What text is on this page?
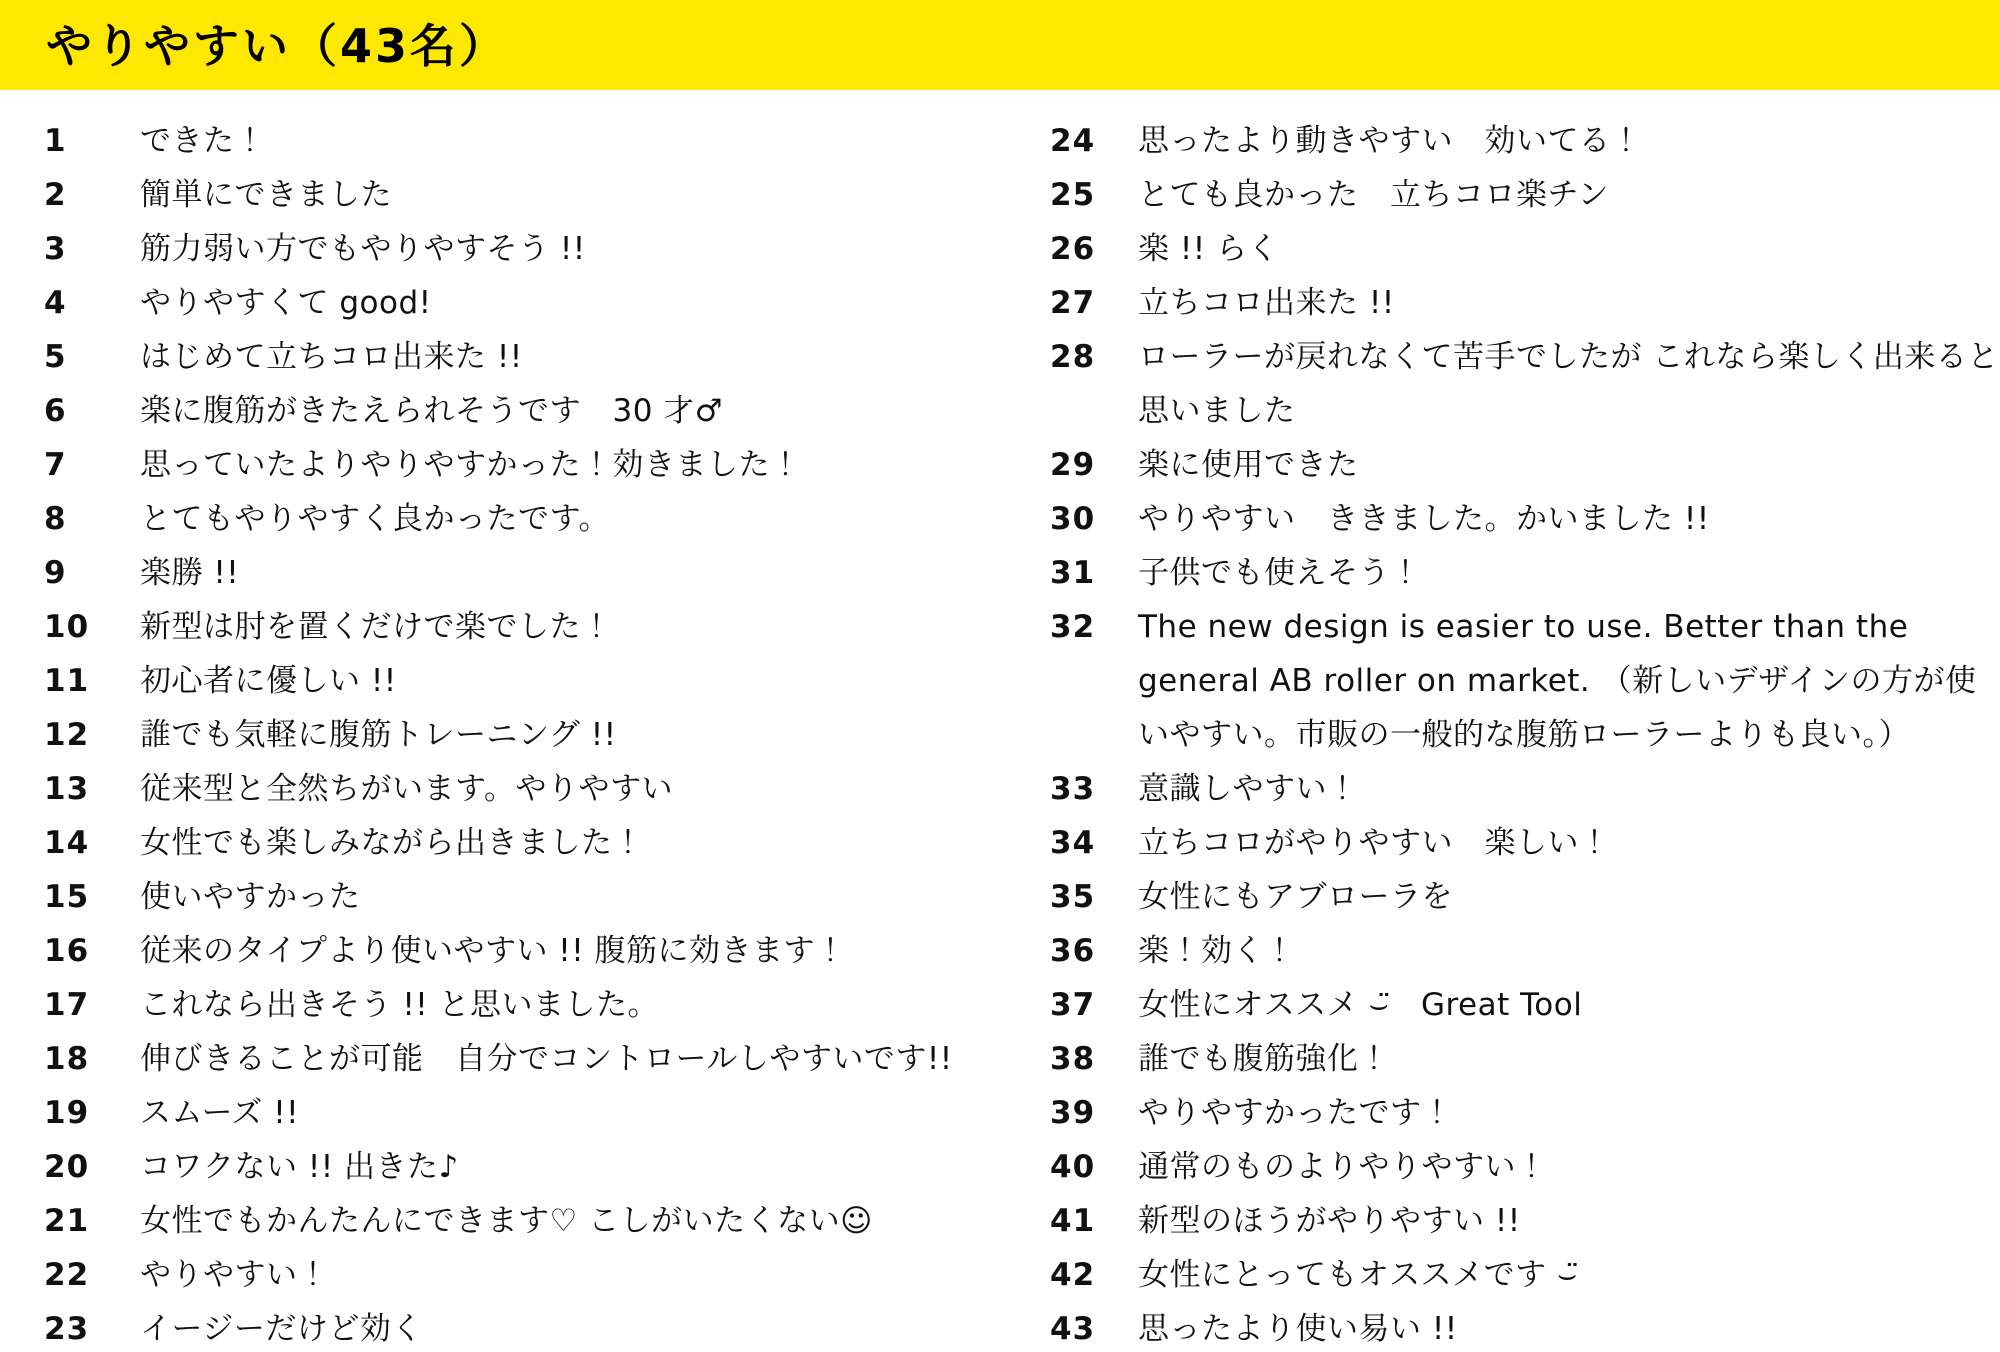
やりやすい（43名）
1	できた！
2	簡単にできました
3	筋力弱い方でもやりやすそう !!
4	やりやすくて good!
5	はじめて立ちコロ出来た !!
6	楽に腹筋がきたえられそうです　30 才♂
7	思っていたよりやりやすかった！効きました！
8	とてもやりやすく良かったです。
9	楽勝 !!
10	新型は肘を置くだけで楽でした！
11	初心者に優しい !!
12	誰でも気軽に腹筋トレーニング !!
13	従来型と全然ちがいます。やりやすい
14	女性でも楽しみながら出きました！
15	使いやすかった
16	従来のタイプより使いやすい !! 腹筋に効きます！
17	これなら出きそう !! と思いました。
18	伸びきることが可能　自分でコントロールしやすいです!!
19	スムーズ !!
20	コワクない !! 出きた♪
21	女性でもかんたんにできます♡ こしがいたくない☺
22	やりやすい！
23	イージーだけど効く
24	思ったより動きやすい　効いてる！
25	とても良かった　立ちコロ楽チン
26	楽 !! らく
27	立ちコロ出来た !!
28	ローラーが戻れなくて苦手でしたが これなら楽しく出来ると思いました
29	楽に使用できた
30	やりやすい　ききました。かいました !!
31	子供でも使えそう！
32	The new design is easier to use. Better than the general AB roller on market. （新しいデザインの方が使いやすい。市販の一般的な腹筋ローラーよりも良い。）
33	意識しやすい！
34	立ちコロがやりやすい　楽しい！
35	女性にもアブローラを
36	楽！効く！
37	女性にオススメ ⌣̈　Great Tool
38	誰でも腹筋強化！
39	やりやすかったです！
40	通常のものよりやりやすい！
41	新型のほうがやりやすい !!
42	女性にとってもオススメです ⌣̈
43	思ったより使い易い !!
